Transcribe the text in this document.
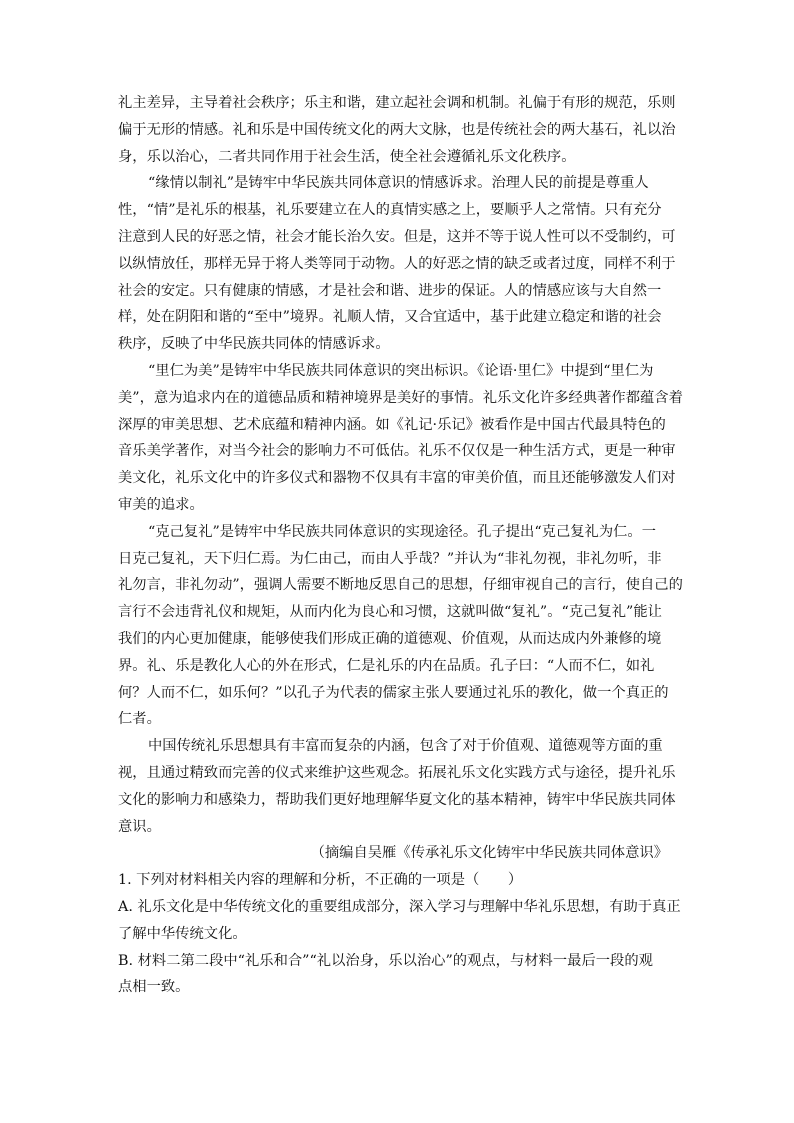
礼主差异，主导着社会秩序；乐主和谐，建立起社会调和机制。礼偏于有形的规范，乐则

偏于无形的情感。礼和乐是中国传统文化的两大文脉，也是传统社会的两大基石，礼以治

身，乐以治心，二者共同作用于社会生活，使全社会遵循礼乐文化秩序。

“缘情以制礼”是铸牢中华民族共同体意识的情感诉求。治理人民的前提是尊重人

性，“情”是礼乐的根基，礼乐要建立在人的真情实感之上，要顺乎人之常情。只有充分

注意到人民的好恶之情，社会才能长治久安。但是，这并不等于说人性可以不受制约，可

以纵情放任，那样无异于将人类等同于动物。人的好恶之情的缺乏或者过度，同样不利于

社会的安定。只有健康的情感，才是社会和谐、进步的保证。人的情感应该与大自然一

样，处在阴阳和谐的“至中”境界。礼顺人情，又合宜适中，基于此建立稳定和谐的社会

秩序，反映了中华民族共同体的情感诉求。

“里仁为美”是铸牢中华民族共同体意识的突出标识。《论语·里仁》中提到“里仁为

美”，意为追求内在的道德品质和精神境界是美好的事情。礼乐文化许多经典著作都蕴含着

深厚的审美思想、艺术底蕴和精神内涵。如《礼记·乐记》被看作是中国古代最具特色的

音乐美学著作，对当今社会的影响力不可低估。礼乐不仅仅是一种生活方式，更是一种审

美文化，礼乐文化中的许多仪式和器物不仅具有丰富的审美价值，而且还能够激发人们对

审美的追求。

“克己复礼”是铸牢中华民族共同体意识的实现途径。孔子提出“克己复礼为仁。一

日克己复礼，天下归仁焉。为仁由己，而由人乎哉？”并认为“非礼勿视，非礼勿听，非

礼勿言，非礼勿动”，强调人需要不断地反思自己的思想，仔细审视自己的言行，使自己的

言行不会违背礼仪和规矩，从而内化为良心和习惯，这就叫做“复礼”。“克己复礼”能让

我们的内心更加健康，能够使我们形成正确的道德观、价值观，从而达成内外兼修的境

界。礼、乐是教化人心的外在形式，仁是礼乐的内在品质。孔子曰：“人而不仁，如礼

何？人而不仁，如乐何？”以孔子为代表的儒家主张人要通过礼乐的教化，做一个真正的

仁者。

中国传统礼乐思想具有丰富而复杂的内涵，包含了对于价值观、道德观等方面的重

视，且通过精致而完善的仪式来维护这些观念。拓展礼乐文化实践方式与途径，提升礼乐

文化的影响力和感染力，帮助我们更好地理解华夏文化的基本精神，铸牢中华民族共同体

意识。

（摘编自吴雁《传承礼乐文化铸牢中华民族共同体意识》

1. 下列对材料相关内容的理解和分析，不正确的一项是（　　）

A. 礼乐文化是中华传统文化的重要组成部分，深入学习与理解中华礼乐思想，有助于真正

了解中华传统文化。

B. 材料二第二段中“礼乐和合”“礼以治身，乐以治心”的观点，与材料一最后一段的观

点相一致。
